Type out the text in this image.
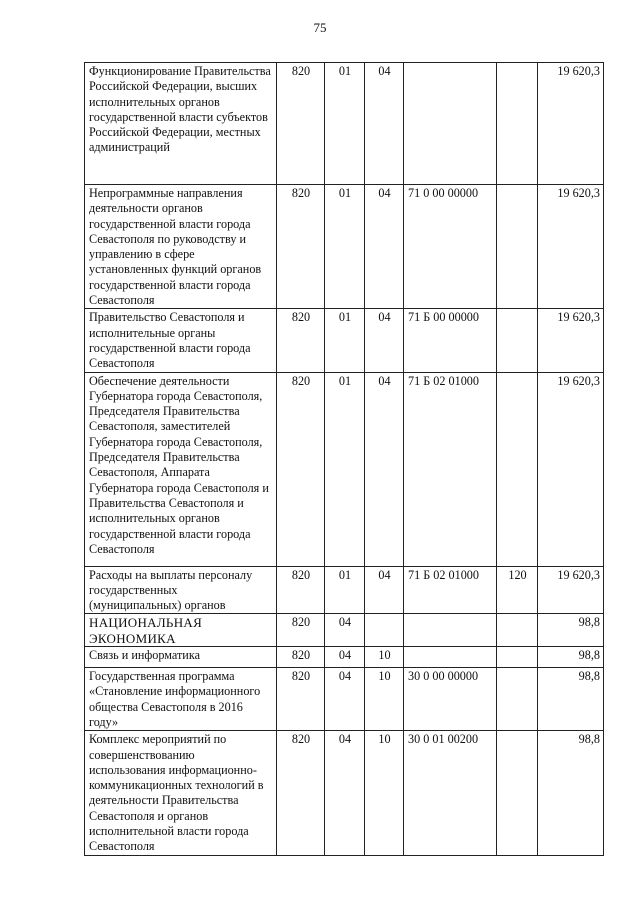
75
Функционирование Правительства Российской Федерации, высших исполнительных органов государственной власти субъектов Российской Федерации, местных администраций	820	01	04			19 620,3
Непрограммные направления деятельности органов государственной власти города Севастополя по руководству и управлению в сфере установленных функций органов государственной власти города Севастополя	820	01	04	71 0 00 00000		19 620,3
Правительство Севастополя и исполнительные органы государственной власти города Севастополя	820	01	04	71 Б 00 00000		19 620,3
Обеспечение деятельности Губернатора города Севастополя, Председателя Правительства Севастополя, заместителей Губернатора города Севастополя, Председателя Правительства Севастополя, Аппарата Губернатора города Севастополя и Правительства Севастополя и исполнительных органов государственной власти города Севастополя	820	01	04	71 Б 02 01000		19 620,3
Расходы на выплаты персоналу государственных (муниципальных) органов	820	01	04	71 Б 02 01000	120	19 620,3
НАЦИОНАЛЬНАЯ ЭКОНОМИКА	820	04				98,8
Связь и информатика	820	04	10			98,8
Государственная программа «Становление информационного общества Севастополя в 2016 году»	820	04	10	30 0 00 00000		98,8
Комплекс мероприятий по совершенствованию использования информационно-коммуникационных технологий в деятельности Правительства Севастополя и органов исполнительной власти города Севастополя	820	04	10	30 0 01 00200		98,8
